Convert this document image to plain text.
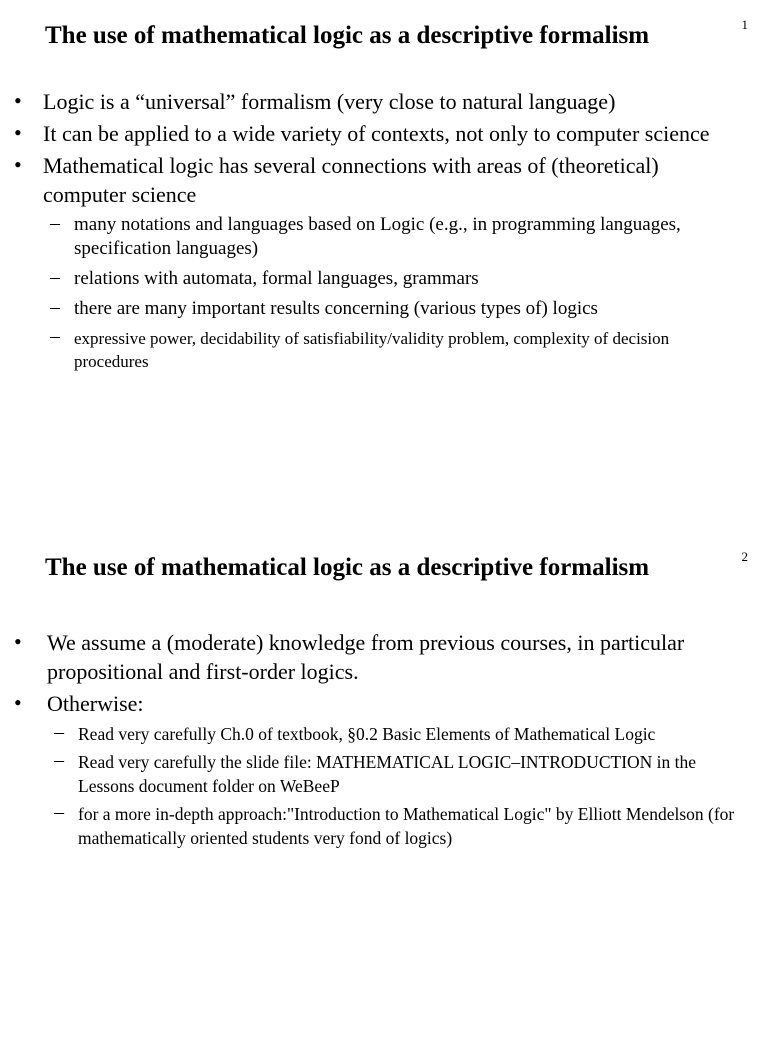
1
The use of mathematical logic as a descriptive formalism
• Logic is a “universal” formalism (very close to natural language)
• It can be applied to a wide variety of contexts, not only to computer science
• Mathematical logic has several connections with areas of (theoretical) computer science
– many notations and languages based on Logic (e.g., in programming languages, specification languages)
– relations with automata, formal languages, grammars
– there are many important results concerning (various types of) logics
– expressive power, decidability of satisfiability/validity problem, complexity of decision procedures
2
The use of mathematical logic as a descriptive formalism
• We assume a (moderate) knowledge from previous courses, in particular propositional and first-order logics.
• Otherwise:
– Read very carefully Ch.0 of textbook, §0.2 Basic Elements of Mathematical Logic
– Read very carefully the slide file: MATHEMATICAL LOGIC–INTRODUCTION in the Lessons document folder on WeBeeP
– for a more in-depth approach:"Introduction to Mathematical Logic" by Elliott Mendelson (for mathematically oriented students very fond of logics)
